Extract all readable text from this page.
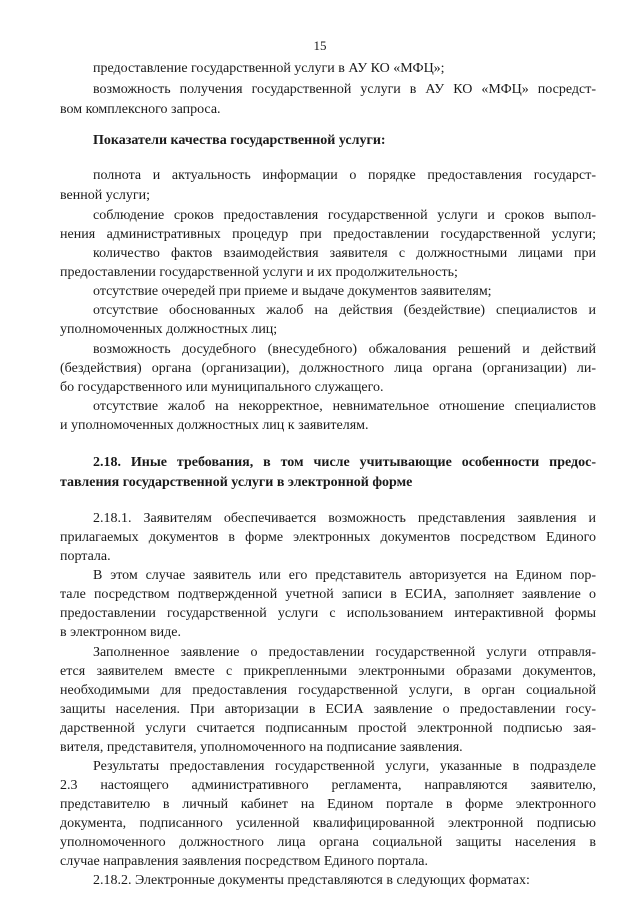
15
предоставление государственной услуги в АУ КО «МФЦ»;
возможность получения государственной услуги в АУ КО «МФЦ» посредст-
вом комплексного запроса.
Показатели качества государственной услуги:
полнота и актуальность информации о порядке предоставления государст-
венной услуги;
соблюдение сроков предоставления государственной услуги и сроков выпол-
нения административных процедур при предоставлении государственной услуги;
количество фактов взаимодействия заявителя с должностными лицами при
предоставлении государственной услуги и их продолжительность;
отсутствие очередей при приеме и выдаче документов заявителям;
отсутствие обоснованных жалоб на действия (бездействие) специалистов и
уполномоченных должностных лиц;
возможность досудебного (внесудебного) обжалования решений и действий
(бездействия) органа (организации), должностного лица органа (организации) ли-
бо государственного или муниципального служащего.
отсутствие жалоб на некорректное, невнимательное отношение специалистов
и уполномоченных должностных лиц к заявителям.
2.18. Иные требования, в том числе учитывающие особенности предос-
тавления государственной услуги в электронной форме
2.18.1. Заявителям обеспечивается возможность представления заявления и
прилагаемых документов в форме электронных документов посредством Единого
портала.
В этом случае заявитель или его представитель авторизуется на Едином пор-
тале посредством подтвержденной учетной записи в ЕСИА, заполняет заявление о
предоставлении государственной услуги с использованием интерактивной формы
в электронном виде.
Заполненное заявление о предоставлении государственной услуги отправля-
ется заявителем вместе с прикрепленными электронными образами документов,
необходимыми для предоставления государственной услуги, в орган социальной
защиты населения. При авторизации в ЕСИА заявление о предоставлении госу-
дарственной услуги считается подписанным простой электронной подписью зая-
вителя, представителя, уполномоченного на подписание заявления.
Результаты предоставления государственной услуги, указанные в подразделе
2.3 настоящего административного регламента, направляются заявителю,
представителю в личный кабинет на Едином портале в форме электронного
документа, подписанного усиленной квалифицированной электронной подписью
уполномоченного должностного лица органа социальной защиты населения в
случае направления заявления посредством Единого портала.
2.18.2. Электронные документы представляются в следующих форматах:
